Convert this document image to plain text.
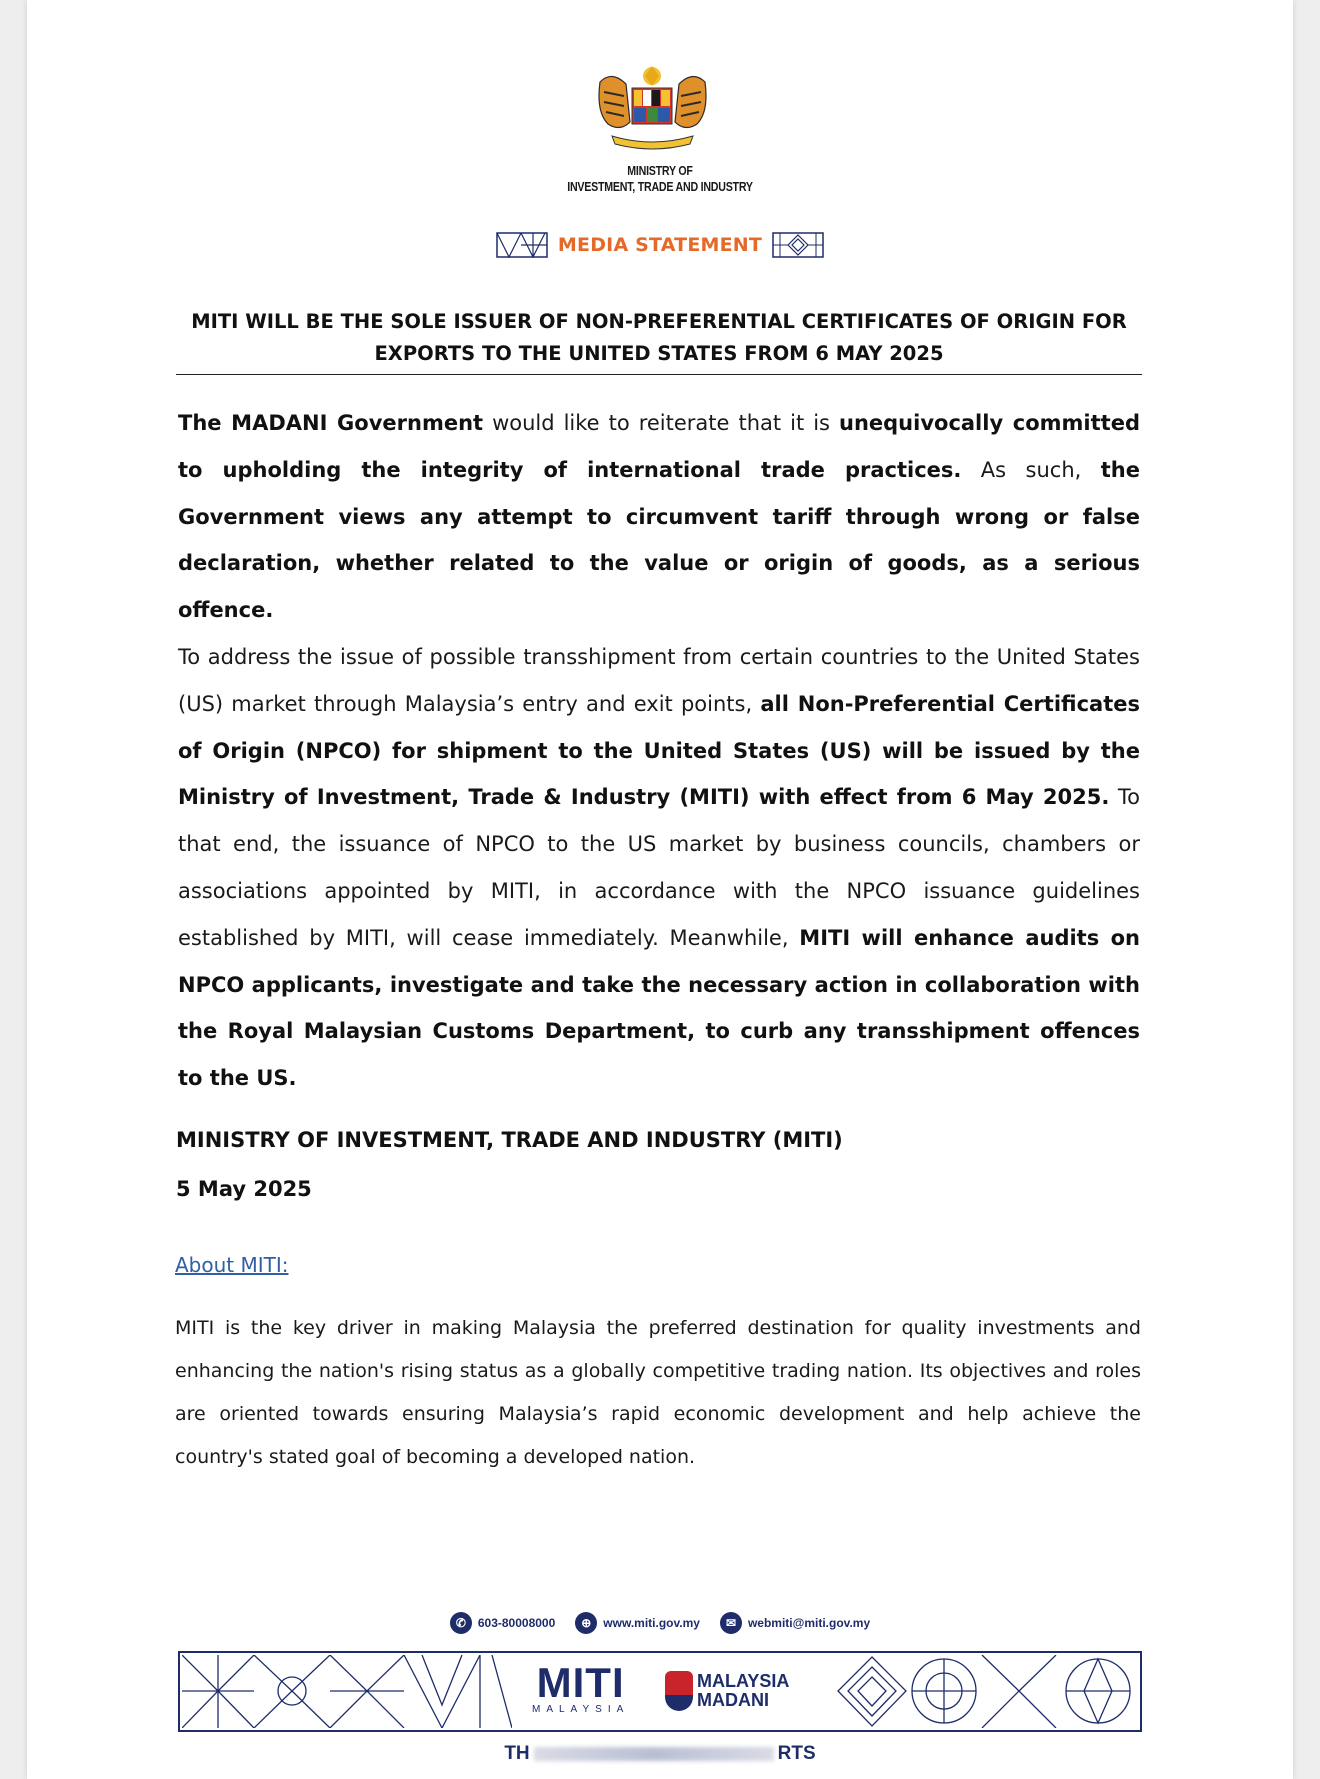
MINISTRY OF
INVESTMENT, TRADE AND INDUSTRY
MEDIA STATEMENT
MITI WILL BE THE SOLE ISSUER OF NON-PREFERENTIAL CERTIFICATES OF ORIGIN FOR
EXPORTS TO THE UNITED STATES FROM 6 MAY 2025
The MADANI Government would like to reiterate that it is unequivocally committed to upholding the integrity of international trade practices. As such, the Government views any attempt to circumvent tariff through wrong or false declaration, whether related to the value or origin of goods, as a serious offence.
To address the issue of possible transshipment from certain countries to the United States (US) market through Malaysia’s entry and exit points, all Non-Preferential Certificates of Origin (NPCO) for shipment to the United States (US) will be issued by the Ministry of Investment, Trade & Industry (MITI) with effect from 6 May 2025. To that end, the issuance of NPCO to the US market by business councils, chambers or associations appointed by MITI, in accordance with the NPCO issuance guidelines established by MITI, will cease immediately. Meanwhile, MITI will enhance audits on NPCO applicants, investigate and take the necessary action in collaboration with the Royal Malaysian Customs Department, to curb any transshipment offences to the US.
MINISTRY OF INVESTMENT, TRADE AND INDUSTRY (MITI)
5 May 2025
About MITI:
MITI is the key driver in making Malaysia the preferred destination for quality investments and enhancing the nation's rising status as a globally competitive trading nation. Its objectives and roles are oriented towards ensuring Malaysia’s rapid economic development and help achieve the country's stated goal of becoming a developed nation.
✆ 603-80008000	⊕ www.miti.gov.my	✉ webmiti@miti.gov.my
MITI
MALAYSIA
MALAYSIA
MADANI
TH	RTS
